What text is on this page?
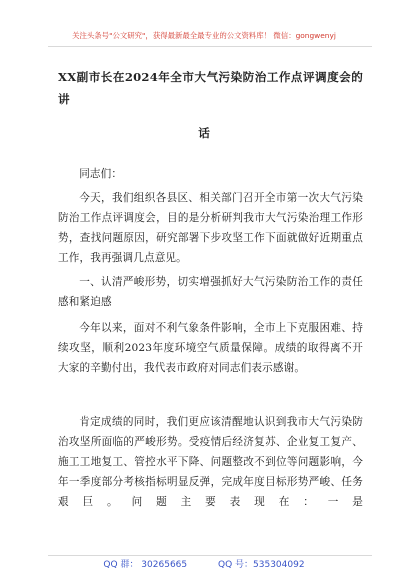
关注头条号"公文研究"，获得最新最全最专业的公文资料库！ 微信：gongwenyj
XX副市长在2024年全市大气污染防治工作点评调度会的讲
话
同志们：
今天，我们组织各县区、相关部门召开全市第一次大气污染防治工作点评调度会，目的是分析研判我市大气污染治理工作形势，查找问题原因，研究部署下步攻坚工作下面就做好近期重点工作，我再强调几点意见。
一、认清严峻形势，切实增强抓好大气污染防治工作的责任感和紧迫感
今年以来，面对不利气象条件影响，全市上下克服困难、持续攻坚，顺利2023年度环境空气质量保障。成绩的取得离不开大家的辛勤付出，我代表市政府对同志们表示感谢。
肯定成绩的同时，我们更应该清醒地认识到我市大气污染防治攻坚所面临的严峻形势。受疫情后经济复苏、企业复工复产、施工工地复工、管控水平下降、问题整改不到位等问题影响，今年一季度部分考核指标明显反弹，完成年度目标形势严峻、任务艰巨。问题主要表现在：一是
QQ 群： 30265665	QQ 号：535304092
